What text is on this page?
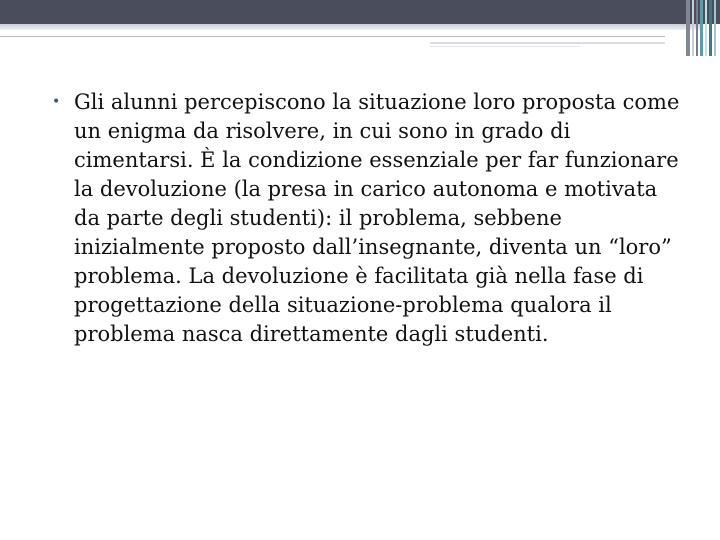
• Gli alunni percepiscono la situazione loro proposta come un enigma da risolvere, in cui sono in grado di cimentarsi. È la condizione essenziale per far funzionare la devoluzione (la presa in carico autonoma e motivata da parte degli studenti): il problema, sebbene inizialmente proposto dall’insegnante, diventa un “loro” problema. La devoluzione è facilitata già nella fase di progettazione della situazione-problema qualora il problema nasca direttamente dagli studenti.
